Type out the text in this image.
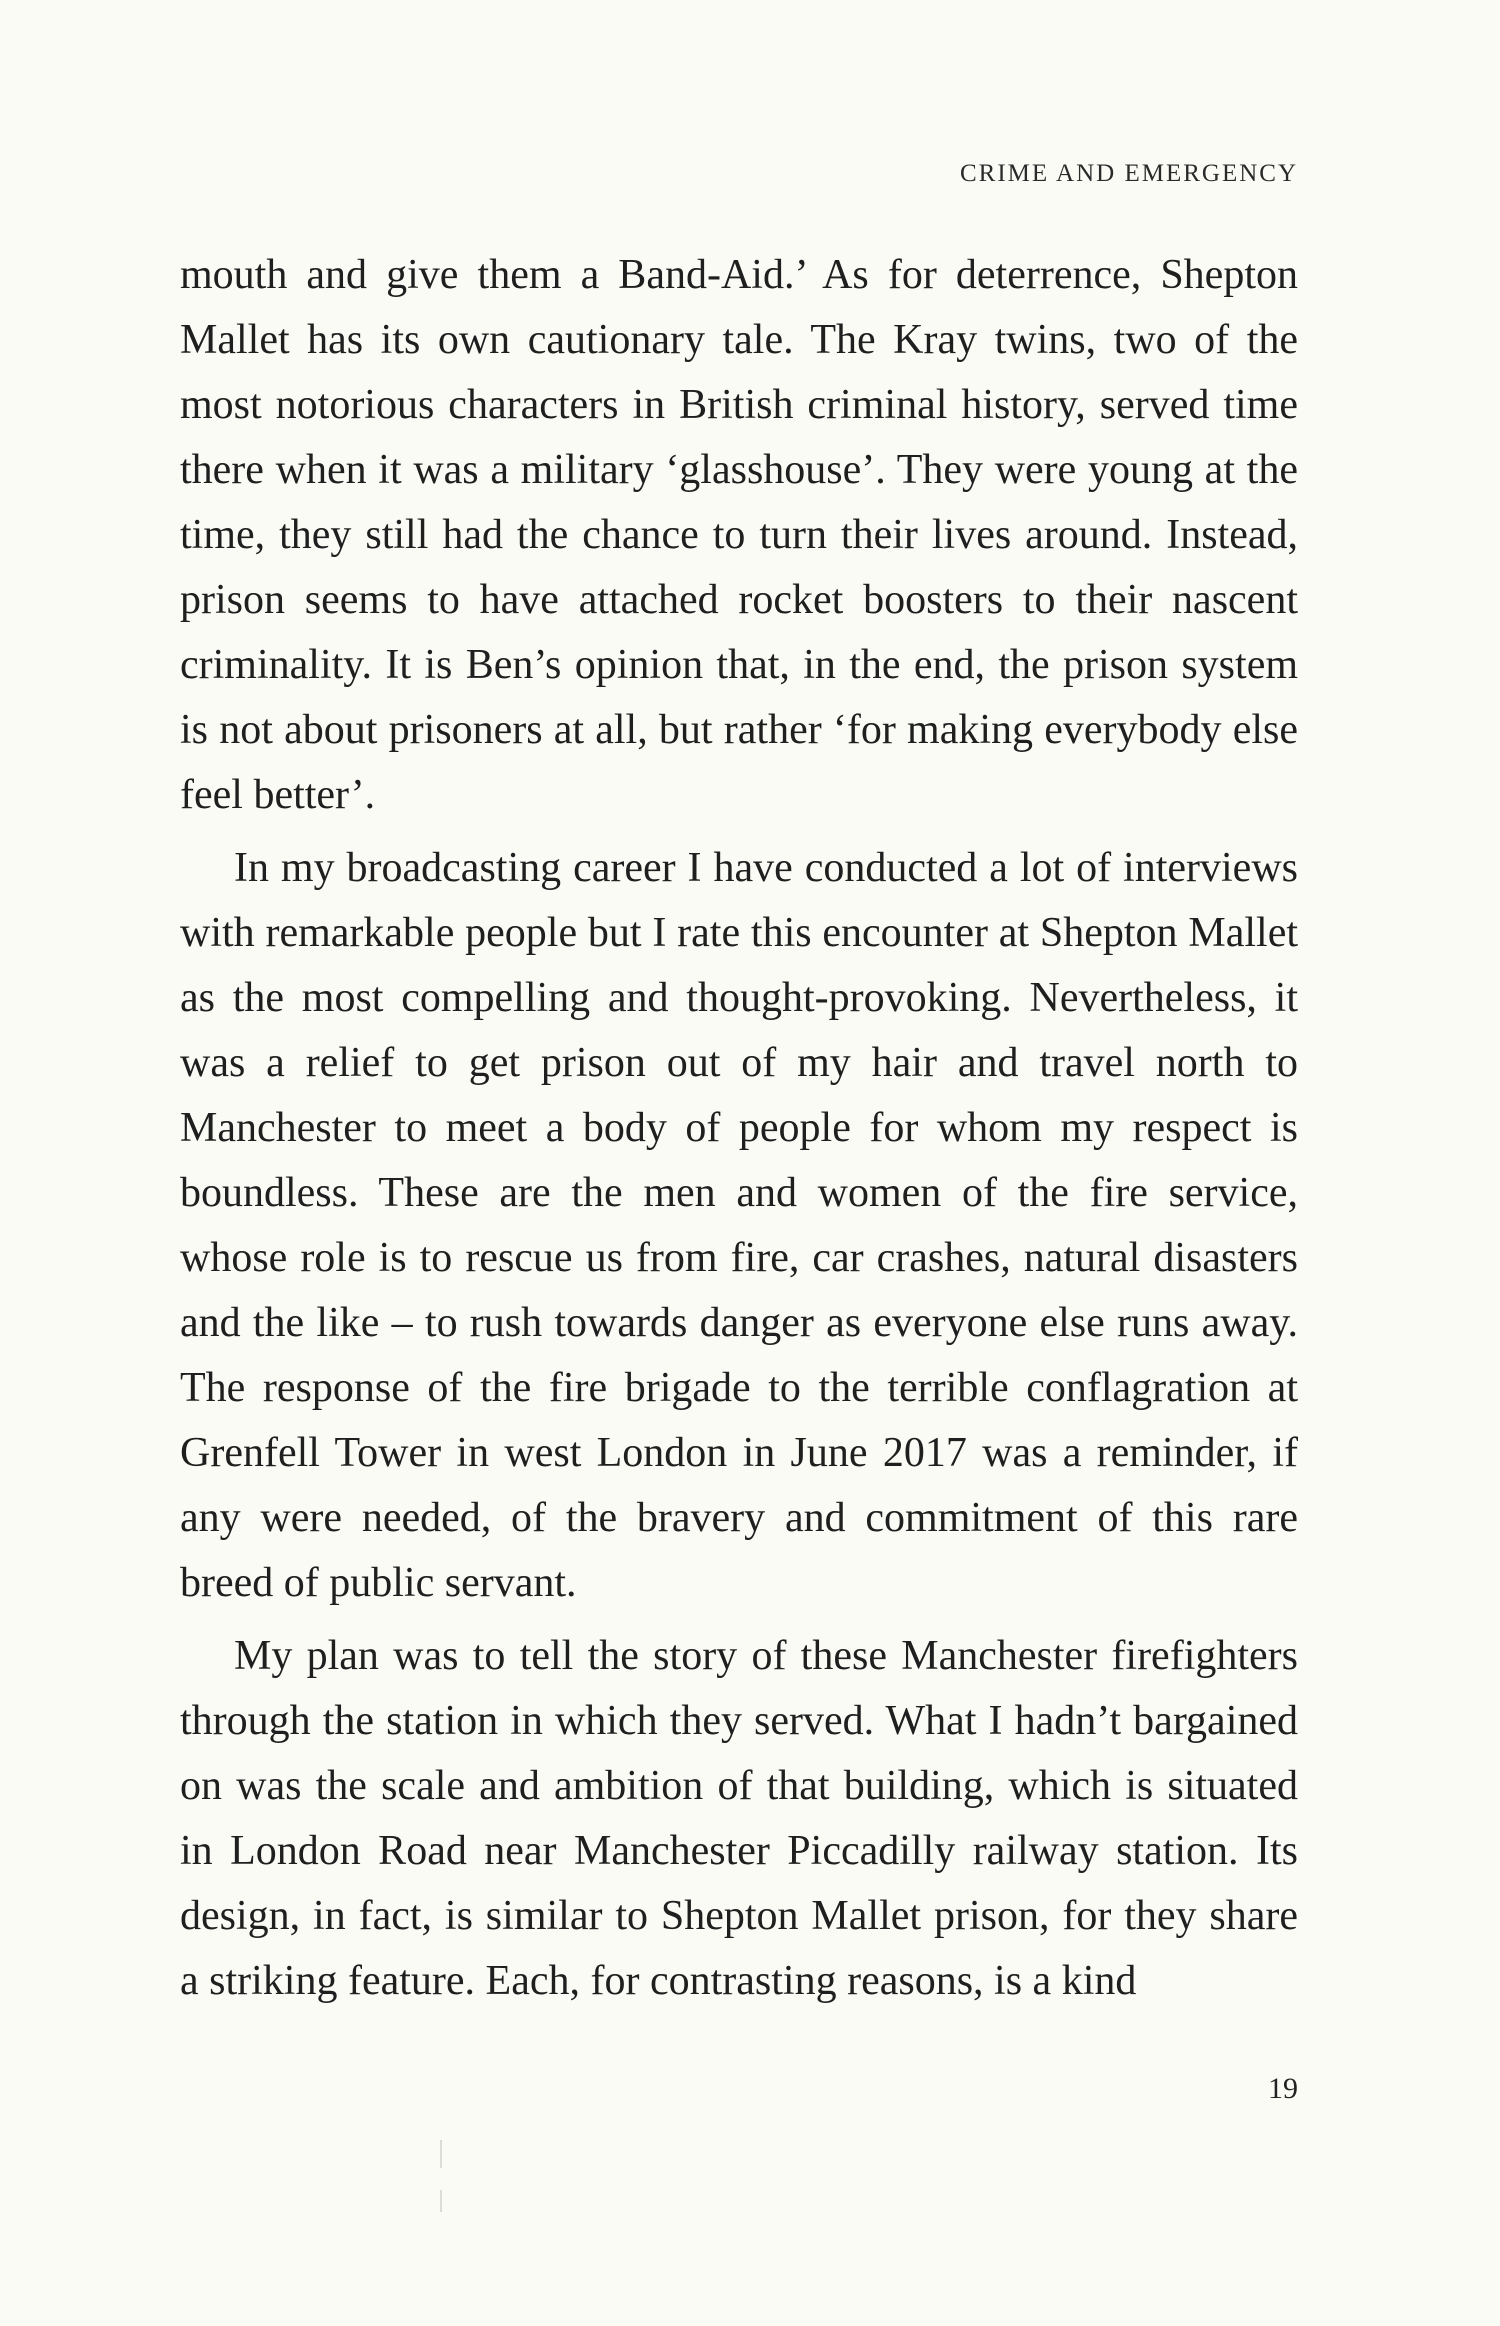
CRIME AND EMERGENCY

mouth and give them a Band-Aid.’ As for deterrence, Shepton Mallet has its own cautionary tale. The Kray twins, two of the most notorious characters in British criminal history, served time there when it was a military ‘glasshouse’. They were young at the time, they still had the chance to turn their lives around. Instead, prison seems to have attached rocket boosters to their nascent criminality. It is Ben’s opinion that, in the end, the prison system is not about prisoners at all, but rather ‘for making everybody else feel better’.

In my broadcasting career I have conducted a lot of interviews with remarkable people but I rate this encounter at Shepton Mallet as the most compelling and thought-provoking. Nevertheless, it was a relief to get prison out of my hair and travel north to Manchester to meet a body of people for whom my respect is boundless. These are the men and women of the fire service, whose role is to rescue us from fire, car crashes, natural disasters and the like – to rush towards danger as everyone else runs away. The response of the fire brigade to the terrible conflagration at Grenfell Tower in west London in June 2017 was a reminder, if any were needed, of the bravery and commitment of this rare breed of public servant.

My plan was to tell the story of these Manchester firefighters through the station in which they served. What I hadn’t bargained on was the scale and ambition of that building, which is situated in London Road near Manchester Piccadilly railway station. Its design, in fact, is similar to Shepton Mallet prison, for they share a striking feature. Each, for contrasting reasons, is a kind

19
